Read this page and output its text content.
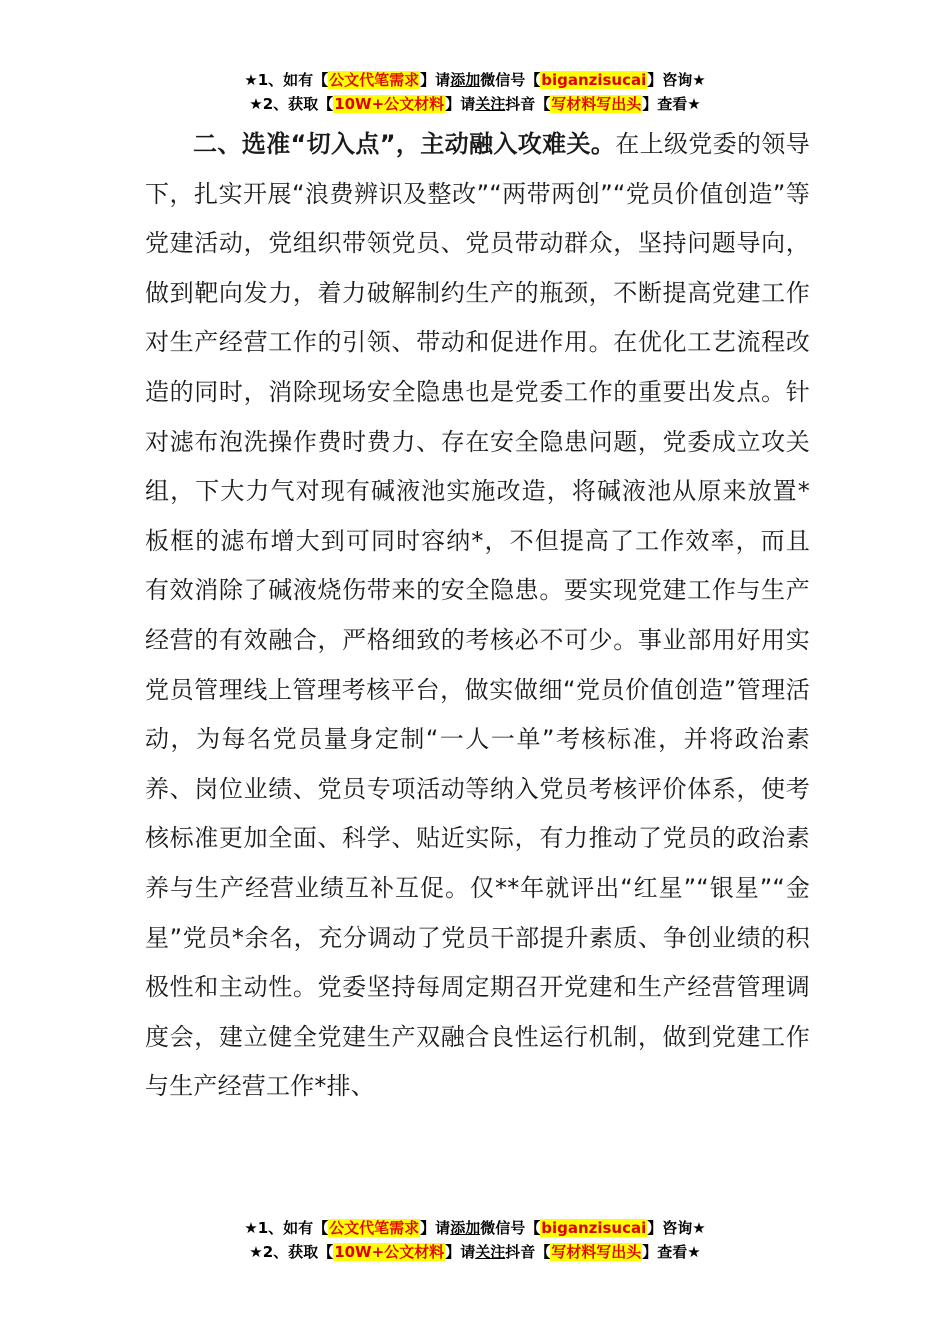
★1、如有【公文代笔需求】请添加微信号【biganzisucai】咨询★
★2、获取【10W+公文材料】请关注抖音【写材料写出头】查看★

二、选准“切入点”，主动融入攻难关。在上级党委的领导下，扎实开展“浪费辨识及整改”“两带两创”“党员价值创造”等党建活动，党组织带领党员、党员带动群众，坚持问题导向，做到靶向发力，着力破解制约生产的瓶颈，不断提高党建工作对生产经营工作的引领、带动和促进作用。在优化工艺流程改造的同时，消除现场安全隐患也是党委工作的重要出发点。针对滤布泡洗操作费时费力、存在安全隐患问题，党委成立攻关组，下大力气对现有碱液池实施改造，将碱液池从原来放置*板框的滤布增大到可同时容纳*，不但提高了工作效率，而且有效消除了碱液烧伤带来的安全隐患。要实现党建工作与生产经营的有效融合，严格细致的考核必不可少。事业部用好用实党员管理线上管理考核平台，做实做细“党员价值创造”管理活动，为每名党员量身定制“一人一单”考核标准，并将政治素养、岗位业绩、党员专项活动等纳入党员考核评价体系，使考核标准更加全面、科学、贴近实际，有力推动了党员的政治素养与生产经营业绩互补互促。仅**年就评出“红星”“银星”“金星”党员*余名，充分调动了党员干部提升素质、争创业绩的积极性和主动性。党委坚持每周定期召开党建和生产经营管理调度会，建立健全党建生产双融合良性运行机制，做到党建工作与生产经营工作*排、

★1、如有【公文代笔需求】请添加微信号【biganzisucai】咨询★
★2、获取【10W+公文材料】请关注抖音【写材料写出头】查看★
